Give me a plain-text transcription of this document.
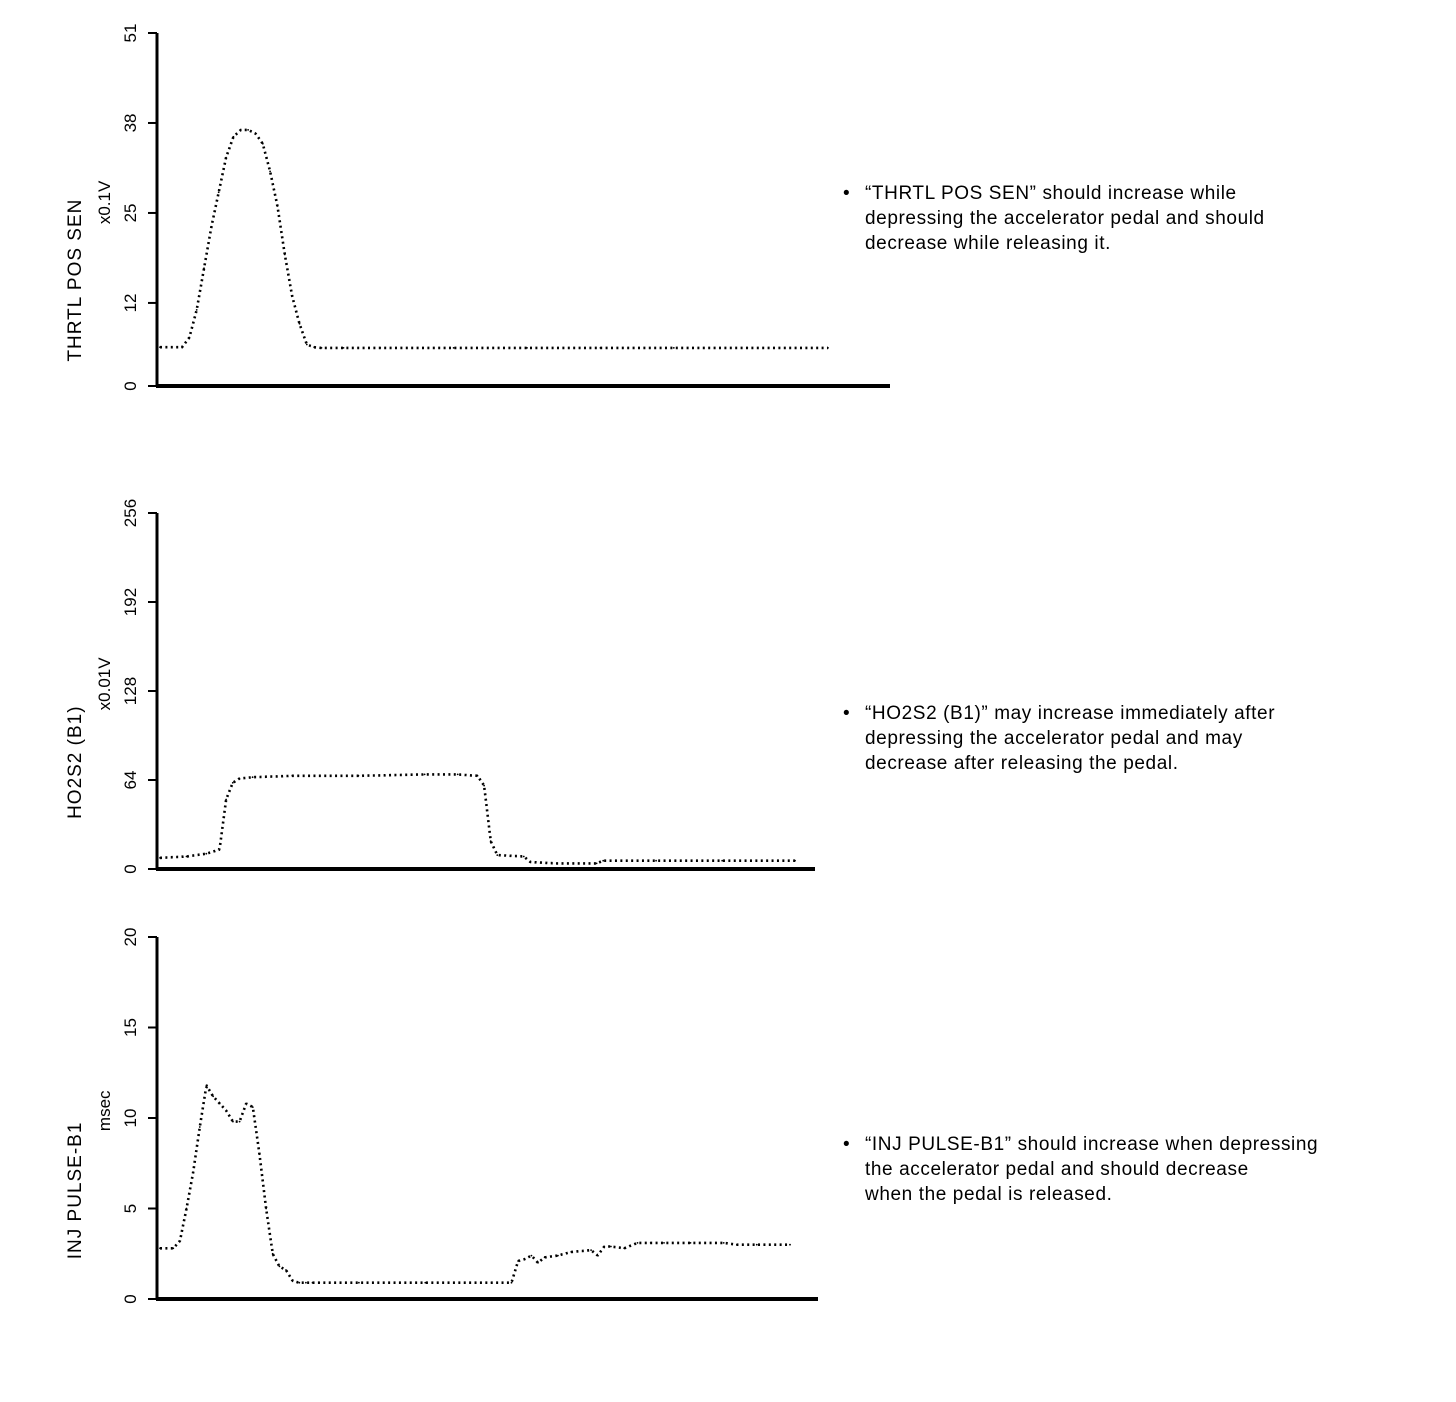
0
12
25
38
51
THRTL POS SEN x0.1V
0
64
128
192
256
HO2S2 (B1)
x0.01V
0
5
10
15
20
INJ PULSE-B1
msec
• “THRTL POS SEN” should increase while
depressing the accelerator pedal and should
decrease while releasing it.
• “HO2S2 (B1)” may increase immediately after
depressing the accelerator pedal and may
decrease after releasing the pedal.
• “INJ PULSE-B1” should increase when depressing
the accelerator pedal and should decrease
when the pedal is released.
